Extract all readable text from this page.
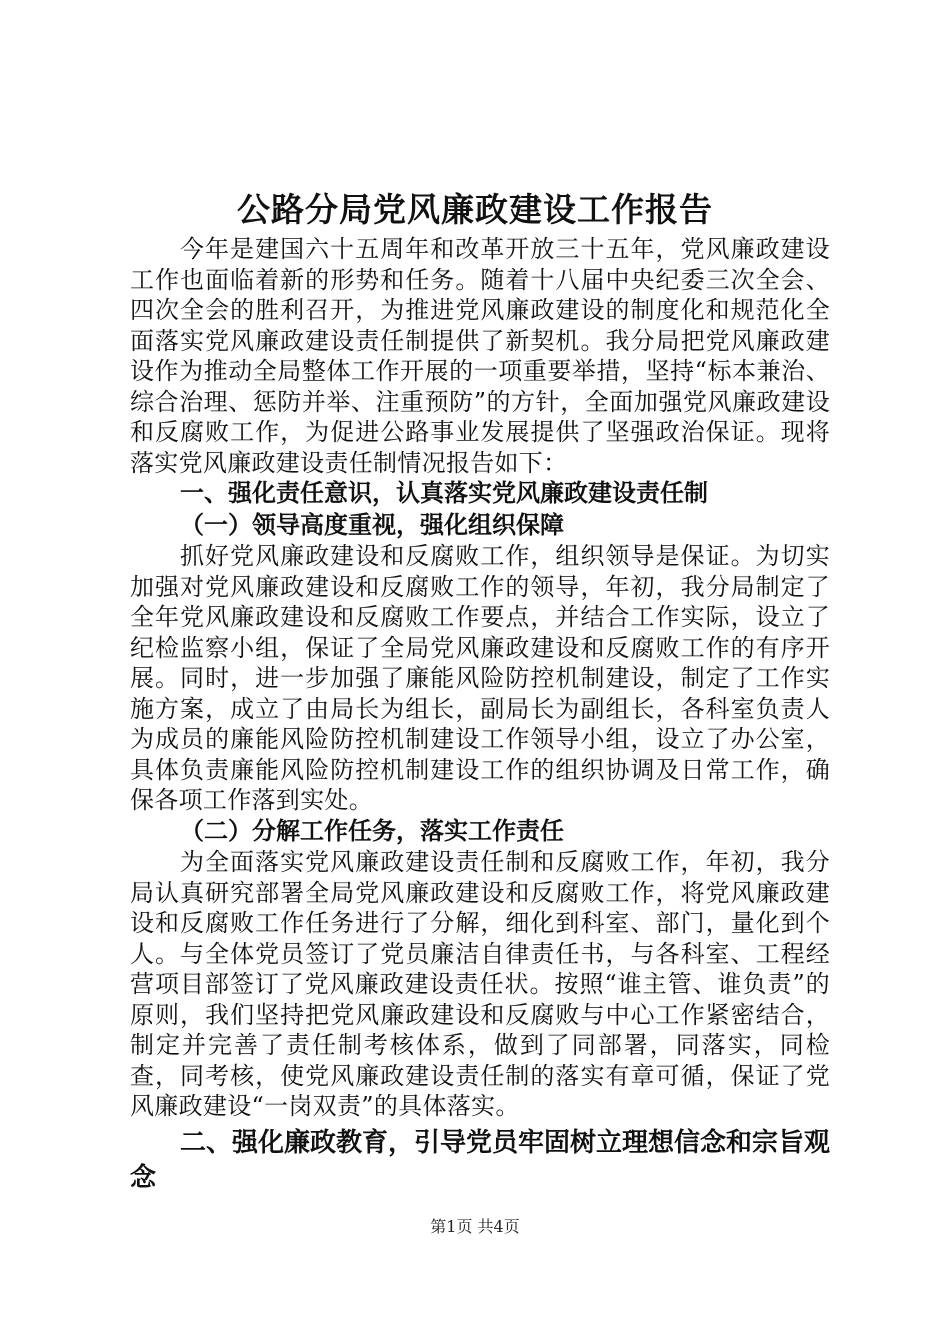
公路分局党风廉政建设工作报告

今年是建国六十五周年和改革开放三十五年，党风廉政建设工作也面临着新的形势和任务。随着十八届中央纪委三次全会、四次全会的胜利召开，为推进党风廉政建设的制度化和规范化全面落实党风廉政建设责任制提供了新契机。我分局把党风廉政建设作为推动全局整体工作开展的一项重要举措，坚持“标本兼治、综合治理、惩防并举、注重预防”的方针，全面加强党风廉政建设和反腐败工作，为促进公路事业发展提供了坚强政治保证。现将落实党风廉政建设责任制情况报告如下：

一、强化责任意识，认真落实党风廉政建设责任制

（一）领导高度重视，强化组织保障

抓好党风廉政建设和反腐败工作，组织领导是保证。为切实加强对党风廉政建设和反腐败工作的领导，年初，我分局制定了全年党风廉政建设和反腐败工作要点，并结合工作实际，设立了纪检监察小组，保证了全局党风廉政建设和反腐败工作的有序开展。同时，进一步加强了廉能风险防控机制建设，制定了工作实施方案，成立了由局长为组长，副局长为副组长，各科室负责人为成员的廉能风险防控机制建设工作领导小组，设立了办公室，具体负责廉能风险防控机制建设工作的组织协调及日常工作，确保各项工作落到实处。

（二）分解工作任务，落实工作责任

为全面落实党风廉政建设责任制和反腐败工作，年初，我分局认真研究部署全局党风廉政建设和反腐败工作，将党风廉政建设和反腐败工作任务进行了分解，细化到科室、部门，量化到个人。与全体党员签订了党员廉洁自律责任书，与各科室、工程经营项目部签订了党风廉政建设责任状。按照“谁主管、谁负责”的原则，我们坚持把党风廉政建设和反腐败与中心工作紧密结合，制定并完善了责任制考核体系，做到了同部署，同落实，同检查，同考核，使党风廉政建设责任制的落实有章可循，保证了党风廉政建设“一岗双责”的具体落实。

二、强化廉政教育，引导党员牢固树立理想信念和宗旨观念

第1页 共4页
